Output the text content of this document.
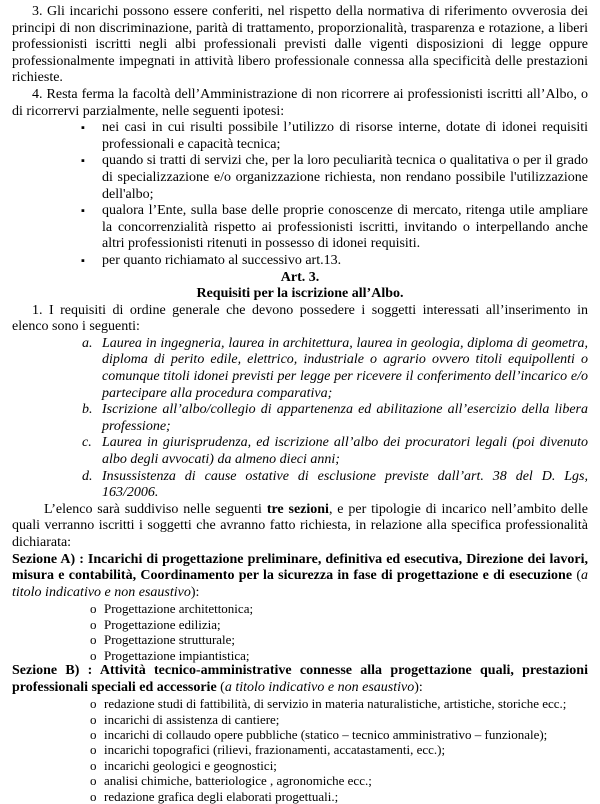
3. Gli incarichi possono essere conferiti, nel rispetto della normativa di riferimento ovverosia dei principi di non discriminazione, parità di trattamento, proporzionalità, trasparenza e rotazione, a liberi professionisti iscritti negli albi professionali previsti dalle vigenti disposizioni di legge oppure professionalmente impegnati in attività libero professionale connessa alla specificità delle prestazioni richieste.

4. Resta ferma la facoltà dell’Amministrazione di non ricorrere ai professionisti iscritti all’Albo, o di ricorrervi parzialmente, nelle seguenti ipotesi:

▪ nei casi in cui risulti possibile l’utilizzo di risorse interne, dotate di idonei requisiti professionali e capacità tecnica;

▪ quando si tratti di servizi che, per la loro peculiarità tecnica o qualitativa o per il grado di specializzazione e/o organizzazione richiesta, non rendano possibile l'utilizzazione dell'albo;

▪ qualora l’Ente, sulla base delle proprie conoscenze di mercato, ritenga utile ampliare la concorrenzialità rispetto ai professionisti iscritti, invitando o interpellando anche altri professionisti ritenuti in possesso di idonei requisiti.

▪ per quanto richiamato al successivo art.13.

Art. 3.

Requisiti per la iscrizione all’Albo.

1. I requisiti di ordine generale che devono possedere i soggetti interessati all’inserimento in elenco sono i seguenti:

a. Laurea in ingegneria, laurea in architettura, laurea in geologia, diploma di geometra, diploma di perito edile, elettrico, industriale o agrario ovvero titoli equipollenti o comunque titoli idonei previsti per legge per ricevere il conferimento dell’incarico e/o partecipare alla procedura comparativa;

b. Iscrizione all’albo/collegio di appartenenza ed abilitazione all’esercizio della libera professione;

c. Laurea in giurisprudenza, ed iscrizione all’albo dei procuratori legali (poi divenuto albo degli avvocati) da almeno dieci anni;

d. Insussistenza di cause ostative di esclusione previste dall’art. 38 del D. Lgs, 163/2006.

L’elenco sarà suddiviso nelle seguenti tre sezioni, e per tipologie di incarico nell’ambito delle quali verranno iscritti i soggetti che avranno fatto richiesta, in relazione alla specifica professionalità dichiarata:

Sezione A) : Incarichi di progettazione preliminare, definitiva ed esecutiva, Direzione dei lavori, misura e contabilità, Coordinamento per la sicurezza in fase di progettazione e di esecuzione (a titolo indicativo e non esaustivo):

o Progettazione architettonica;

o Progettazione edilizia;

o Progettazione strutturale;

o Progettazione impiantistica;

Sezione B) : Attività tecnico-amministrative connesse alla progettazione quali, prestazioni professionali speciali ed accessorie (a titolo indicativo e non esaustivo):

o redazione studi di fattibilità, di servizio in materia naturalistiche, artistiche, storiche ecc.;

o incarichi di assistenza di cantiere;

o incarichi di collaudo opere pubbliche (statico – tecnico amministrativo – funzionale);

o incarichi topografici (rilievi, frazionamenti, accatastamenti, ecc.);

o incarichi geologici e geognostici;

o analisi chimiche, batteriologice , agronomiche ecc.;

o redazione grafica degli elaborati progettuali.;
